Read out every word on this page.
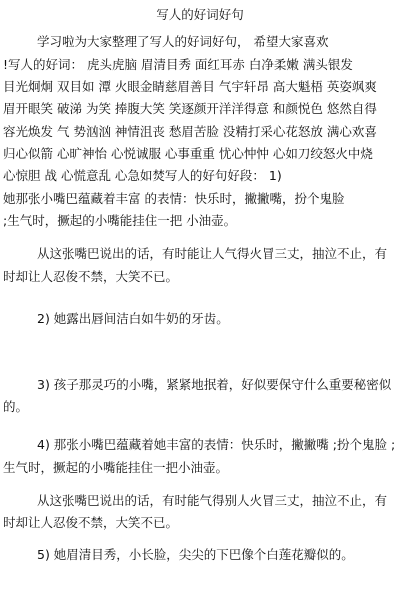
写人的好词好句
学习啦为大家整理了写人的好词好句， 希望大家喜欢
!写人的好词： 虎头虎脑 眉清目秀 面红耳赤 白净柔嫩 满头银发
目光炯炯 双目如 潭 火眼金睛慈眉善目 气宇轩昂 高大魁梧 英姿飒爽
眉开眼笑 破涕 为笑 捧腹大笑 笑逐颜开洋洋得意 和颜悦色 悠然自得
容光焕发 气 势汹汹 神情沮丧 愁眉苦脸 没精打采心花怒放 满心欢喜
归心似箭 心旷神怡 心悦诚服 心事重重 忧心忡忡 心如刀绞怒火中烧
心惊胆 战 心慌意乱 心急如焚写人的好句好段： 1)
她那张小嘴巴蕴藏着丰富 的表情：快乐时，撇撇嘴，扮个鬼脸
;生气时，撅起的小嘴能挂住一把 小油壶。
从这张嘴巴说出的话，有时能让人气得火冒三丈，抽泣不止，有
时却让人忍俊不禁，大笑不已。
2) 她露出唇间洁白如牛奶的牙齿。
3) 孩子那灵巧的小嘴，紧紧地抿着，好似要保守什么重要秘密似
的。
4) 那张小嘴巴蕴藏着她丰富的表情：快乐时，撇撇嘴 ;扮个鬼脸 ;
生气时，撅起的小嘴能挂住一把小油壶。
从这张嘴巴说出的话，有时能气得别人火冒三丈，抽泣不止，有
时却让人忍俊不禁，大笑不已。
5) 她眉清目秀，小长脸，尖尖的下巴像个白莲花瓣似的。
